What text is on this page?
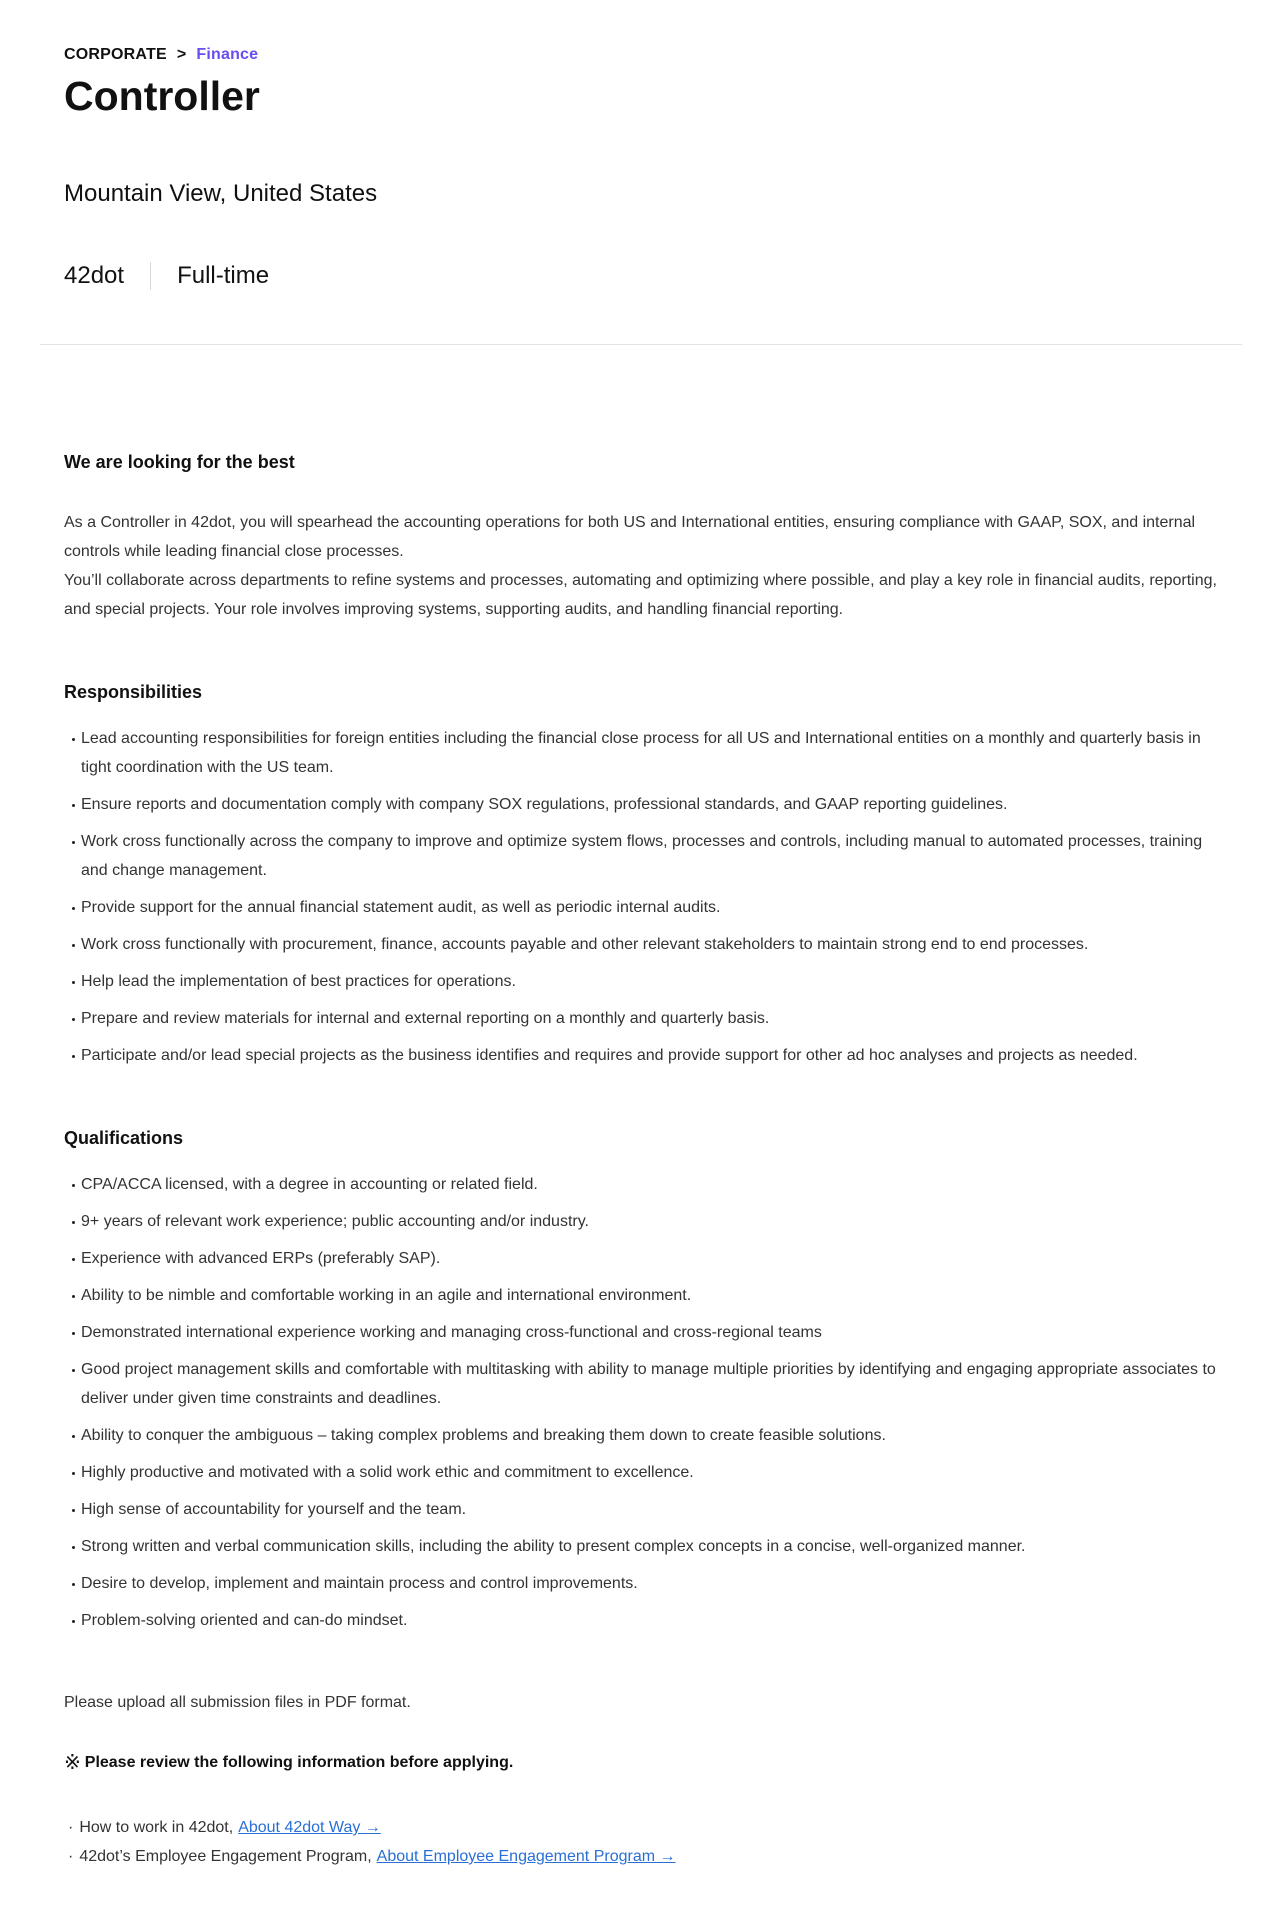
CORPORATE > Finance
Controller
Mountain View, United States
42dot Full-time
We are looking for the best

As a Controller in 42dot, you will spearhead the accounting operations for both US and International entities, ensuring compliance with GAAP, SOX, and internal controls while leading financial close processes.

You’ll collaborate across departments to refine systems and processes, automating and optimizing where possible, and play a key role in financial audits, reporting, and special projects. Your role involves improving systems, supporting audits, and handling financial reporting.

Responsibilities
Lead accounting responsibilities for foreign entities including the financial close process for all US and International entities on a monthly and quarterly basis in tight coordination with the US team.
Ensure reports and documentation comply with company SOX regulations, professional standards, and GAAP reporting guidelines.
Work cross functionally across the company to improve and optimize system flows, processes and controls, including manual to automated processes, training and change management.
Provide support for the annual financial statement audit, as well as periodic internal audits.
Work cross functionally with procurement, finance, accounts payable and other relevant stakeholders to maintain strong end to end processes.
Help lead the implementation of best practices for operations.
Prepare and review materials for internal and external reporting on a monthly and quarterly basis.
Participate and/or lead special projects as the business identifies and requires and provide support for other ad hoc analyses and projects as needed.
Qualifications
CPA/ACCA licensed, with a degree in accounting or related field.
9+ years of relevant work experience; public accounting and/or industry.
Experience with advanced ERPs (preferably SAP).
Ability to be nimble and comfortable working in an agile and international environment.
Demonstrated international experience working and managing cross-functional and cross-regional teams
Good project management skills and comfortable with multitasking with ability to manage multiple priorities by identifying and engaging appropriate associates to deliver under given time constraints and deadlines.
Ability to conquer the ambiguous – taking complex problems and breaking them down to create feasible solutions.
Highly productive and motivated with a solid work ethic and commitment to excellence.
High sense of accountability for yourself and the team.
Strong written and verbal communication skills, including the ability to present complex concepts in a concise, well-organized manner.
Desire to develop, implement and maintain process and control improvements.
Problem-solving oriented and can-do mindset.
Please upload all submission files in PDF format.
※ Please review the following information before applying.
· How to work in 42dot, About 42dot Way →
· 42dot’s Employee Engagement Program, About Employee Engagement Program →
